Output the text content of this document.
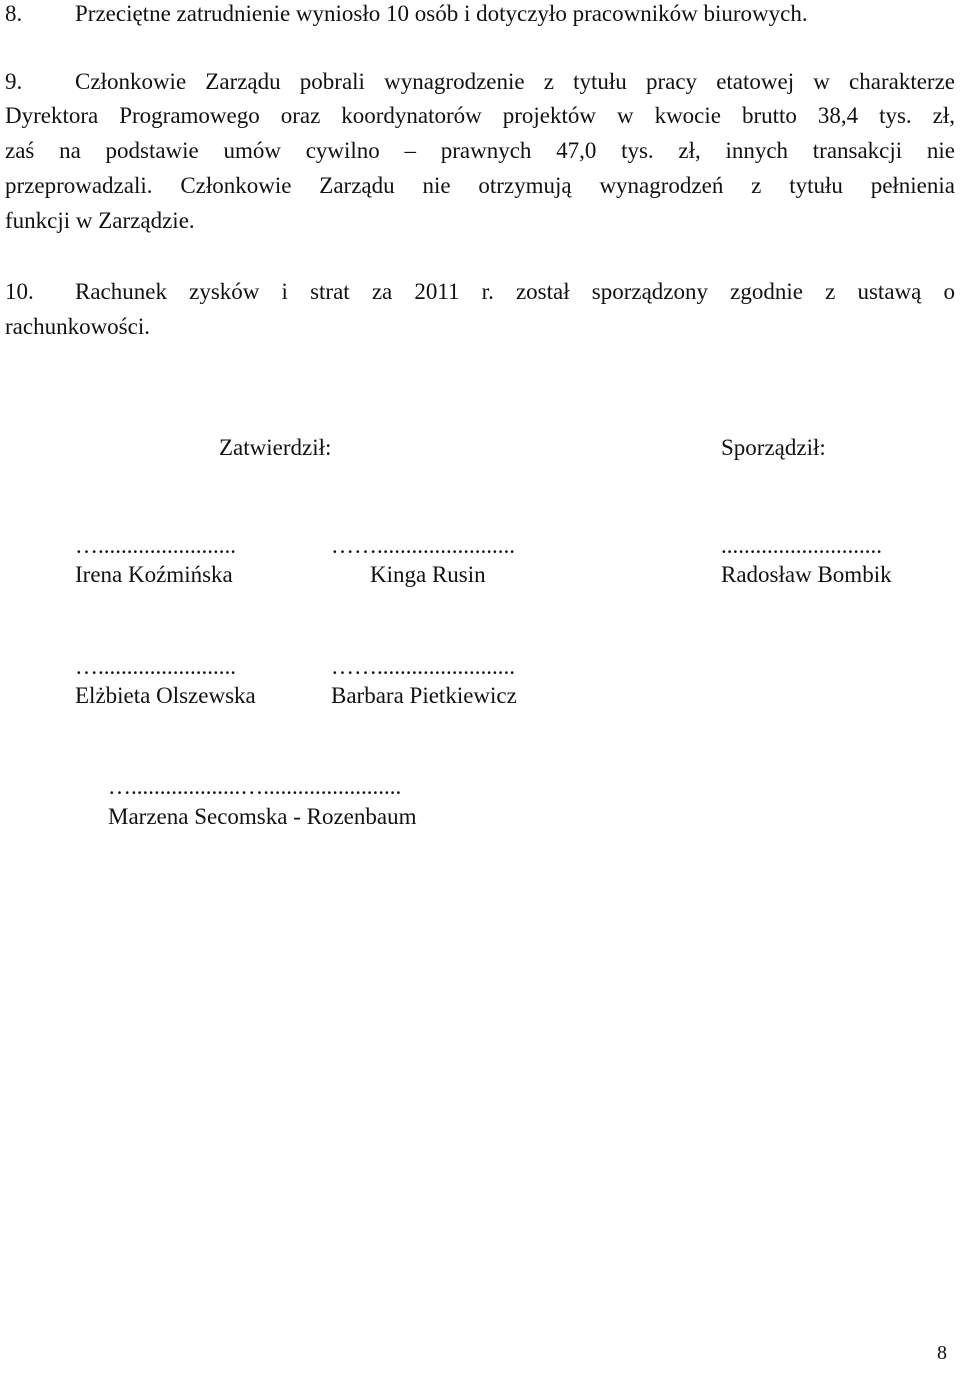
8. Przeciętne zatrudnienie wyniosło 10 osób i dotyczyło pracowników biurowych.
9. Członkowie Zarządu pobrali wynagrodzenie z tytułu pracy etatowej w charakterze
Dyrektora Programowego oraz koordynatorów projektów w kwocie brutto 38,4 tys. zł,
zaś na podstawie umów cywilno – prawnych 47,0 tys. zł, innych transakcji nie
przeprowadzali. Członkowie Zarządu nie otrzymują wynagrodzeń z tytułu pełnienia
funkcji w Zarządzie.
10. Rachunek zysków i strat za 2011 r. został sporządzony zgodnie z ustawą o
rachunkowości.
Zatwierdził:	Sporządził:
…........................	……........................	............................
Irena Koźmińska	Kinga Rusin	Radosław Bombik
…........................	……........................
Elżbieta Olszewska	Barbara Pietkiewicz
…...................…........................
Marzena Secomska - Rozenbaum
8
